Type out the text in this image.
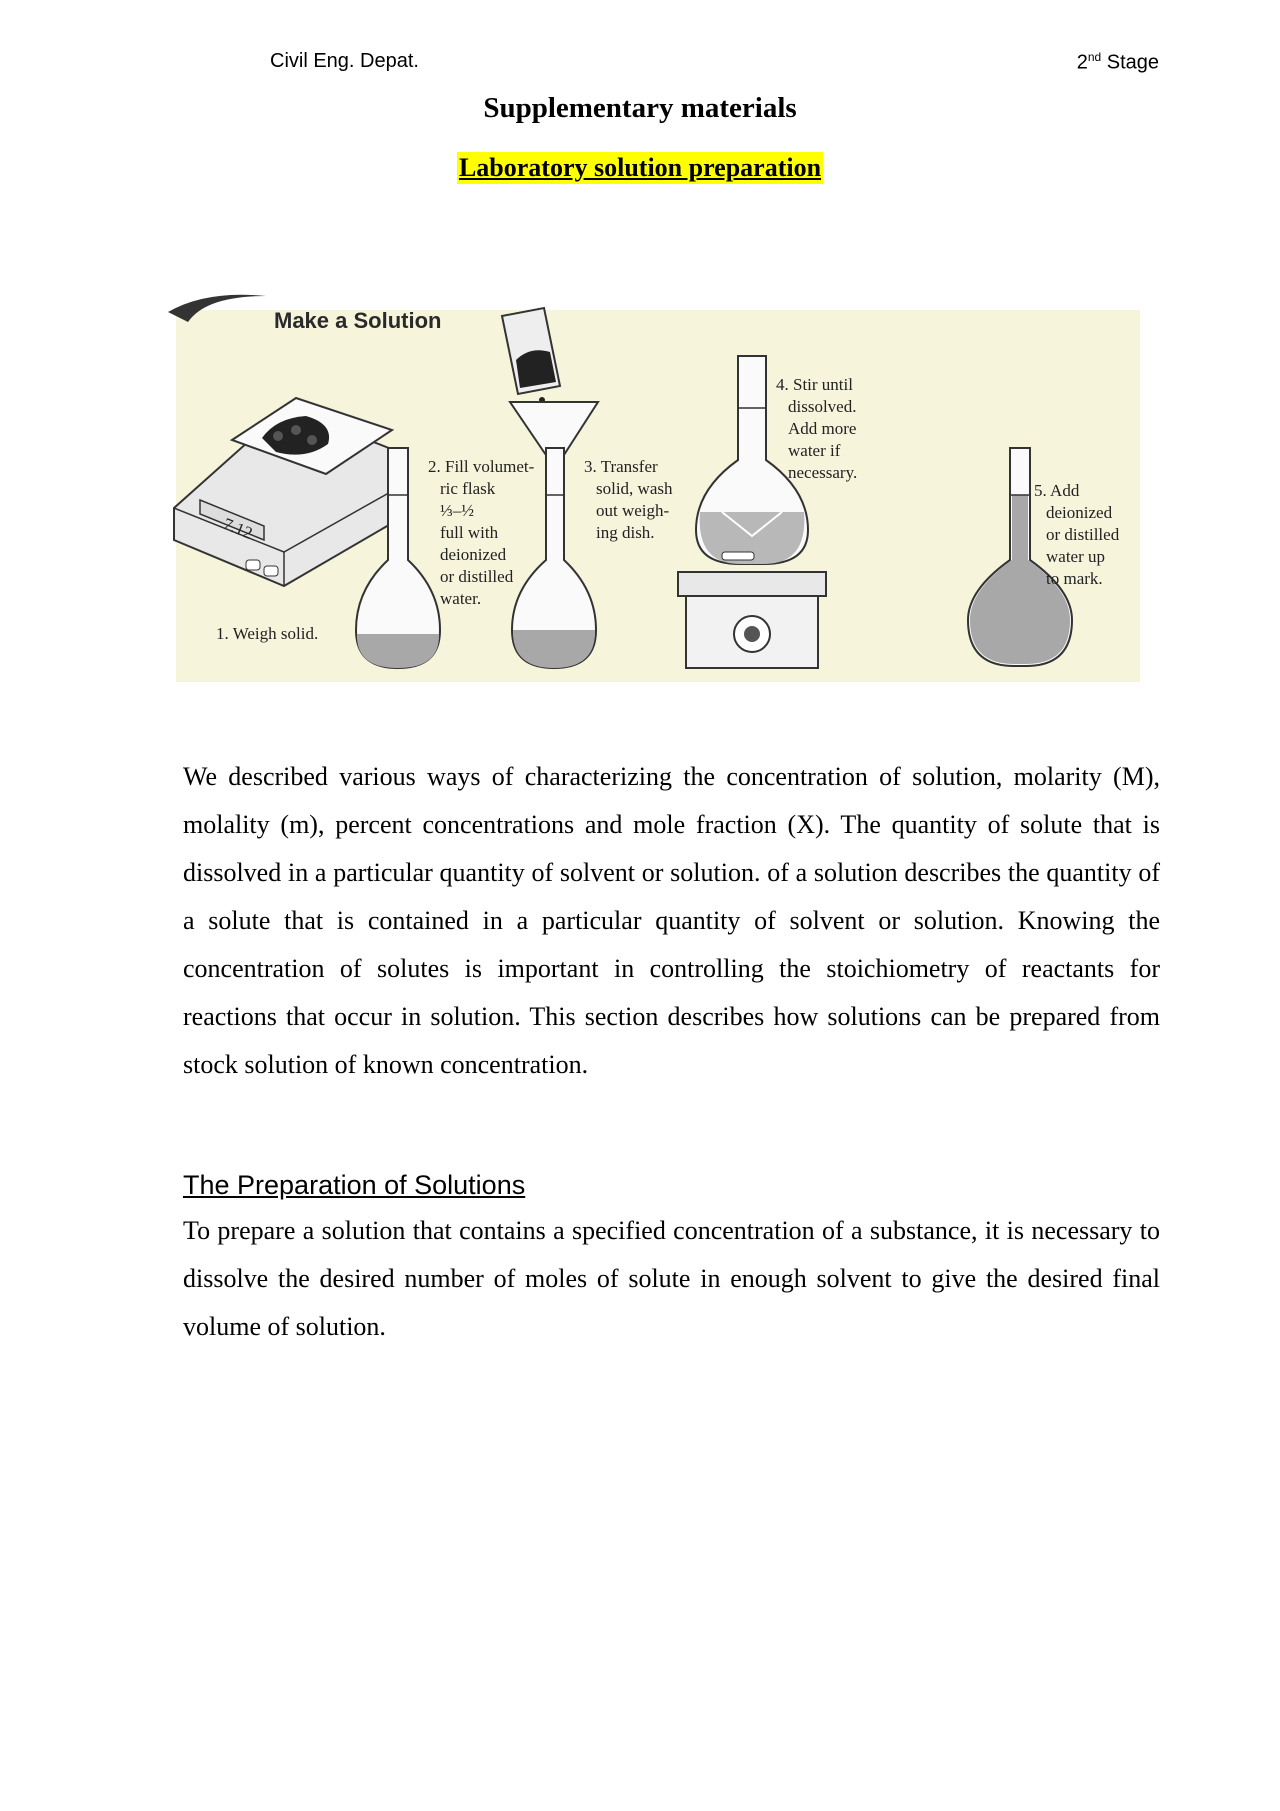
Civil Eng. Depat.	2nd Stage
Supplementary materials
Laboratory solution preparation
Make a Solution
7.12
1. Weigh solid.
2. Fill volumet- ric flask ⅓–½ full with deionized or distilled water.
3. Transfer solid, wash out weigh- ing dish.
4. Stir until dissolved. Add more water if necessary.
5. Add deionized or distilled water up to mark.

We described various ways of characterizing the concentration of solution, molarity (M), molality (m), percent concentrations and mole fraction (X). The quantity of solute that is dissolved in a particular quantity of solvent or solution. of a solution describes the quantity of a solute that is contained in a particular quantity of solvent or solution. Knowing the concentration of solutes is important in controlling the stoichiometry of reactants for reactions that occur in solution. This section describes how solutions can be prepared from stock solution of known concentration.

The Preparation of Solutions

To prepare a solution that contains a specified concentration of a substance, it is necessary to dissolve the desired number of moles of solute in enough solvent to give the desired final volume of solution.
